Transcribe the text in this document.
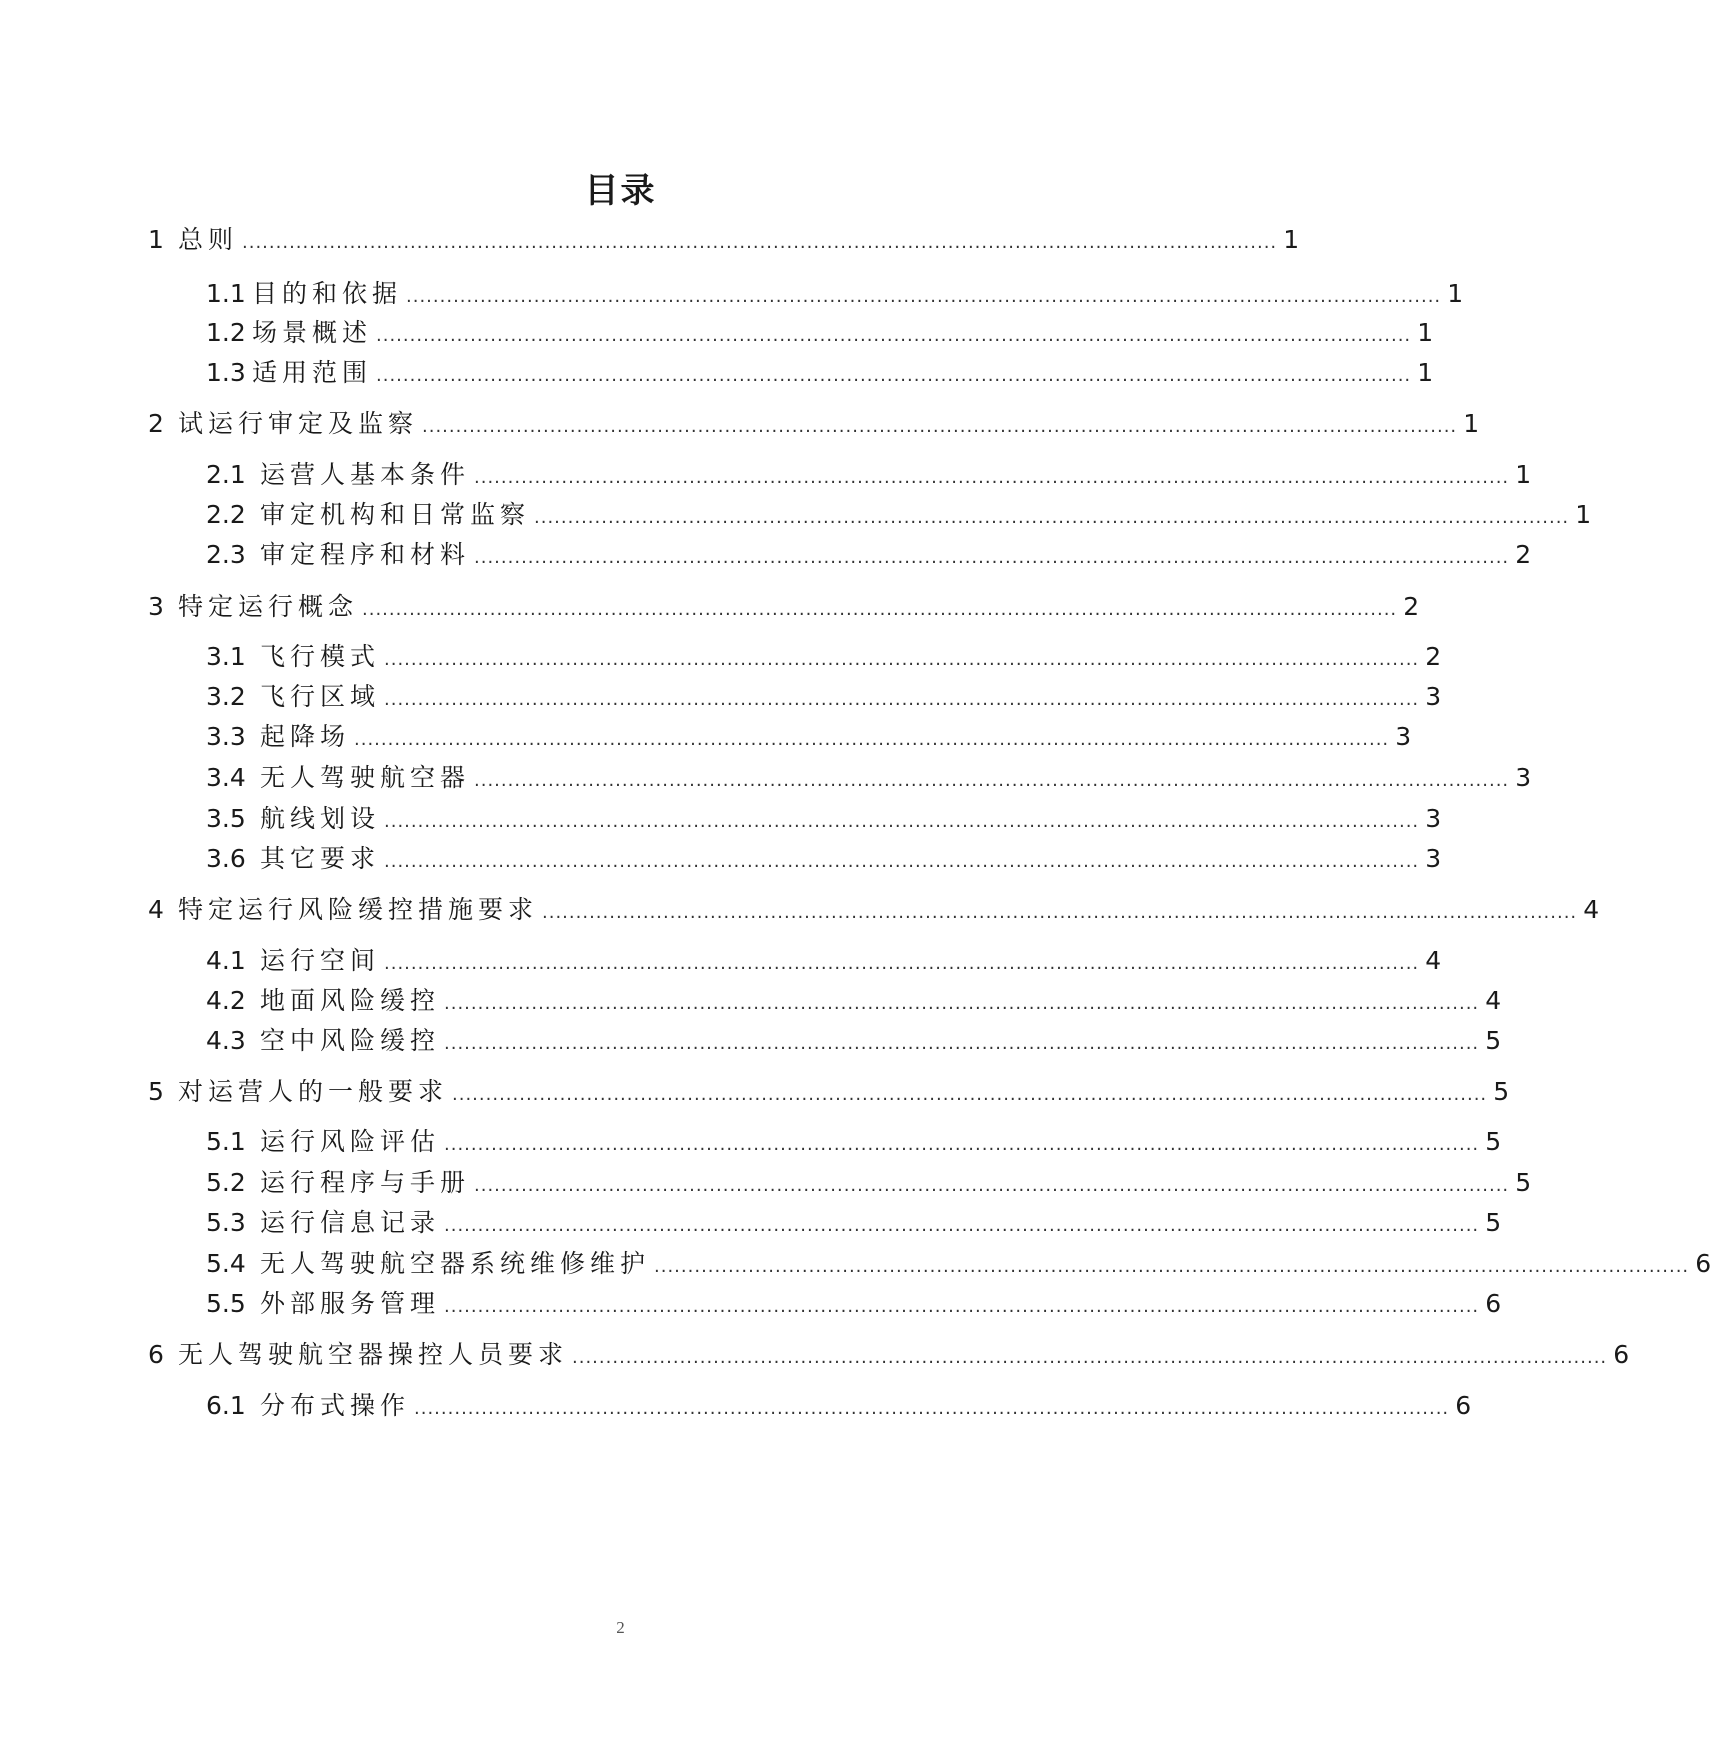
目录
1 总则 .......................................................................................................................................................... 1
1.1 目的和依据 .......................................................................................................................................................... 1
1.2 场景概述 .......................................................................................................................................................... 1
1.3 适用范围 .......................................................................................................................................................... 1
2 试运行审定及监察 .......................................................................................................................................................... 1
2.1 运营人基本条件 .......................................................................................................................................................... 1
2.2 审定机构和日常监察 .......................................................................................................................................................... 1
2.3 审定程序和材料 .......................................................................................................................................................... 2
3 特定运行概念 .......................................................................................................................................................... 2
3.1 飞行模式 .......................................................................................................................................................... 2
3.2 飞行区域 .......................................................................................................................................................... 3
3.3 起降场 .......................................................................................................................................................... 3
3.4 无人驾驶航空器 .......................................................................................................................................................... 3
3.5 航线划设 .......................................................................................................................................................... 3
3.6 其它要求 .......................................................................................................................................................... 3
4 特定运行风险缓控措施要求 .......................................................................................................................................................... 4
4.1 运行空间 .......................................................................................................................................................... 4
4.2 地面风险缓控 .......................................................................................................................................................... 4
4.3 空中风险缓控 .......................................................................................................................................................... 5
5 对运营人的一般要求 .......................................................................................................................................................... 5
5.1 运行风险评估 .......................................................................................................................................................... 5
5.2 运行程序与手册 .......................................................................................................................................................... 5
5.3 运行信息记录 .......................................................................................................................................................... 5
5.4 无人驾驶航空器系统维修维护 .......................................................................................................................................................... 6
5.5 外部服务管理 .......................................................................................................................................................... 6
6 无人驾驶航空器操控人员要求 .......................................................................................................................................................... 6
6.1 分布式操作 .......................................................................................................................................................... 6
2
